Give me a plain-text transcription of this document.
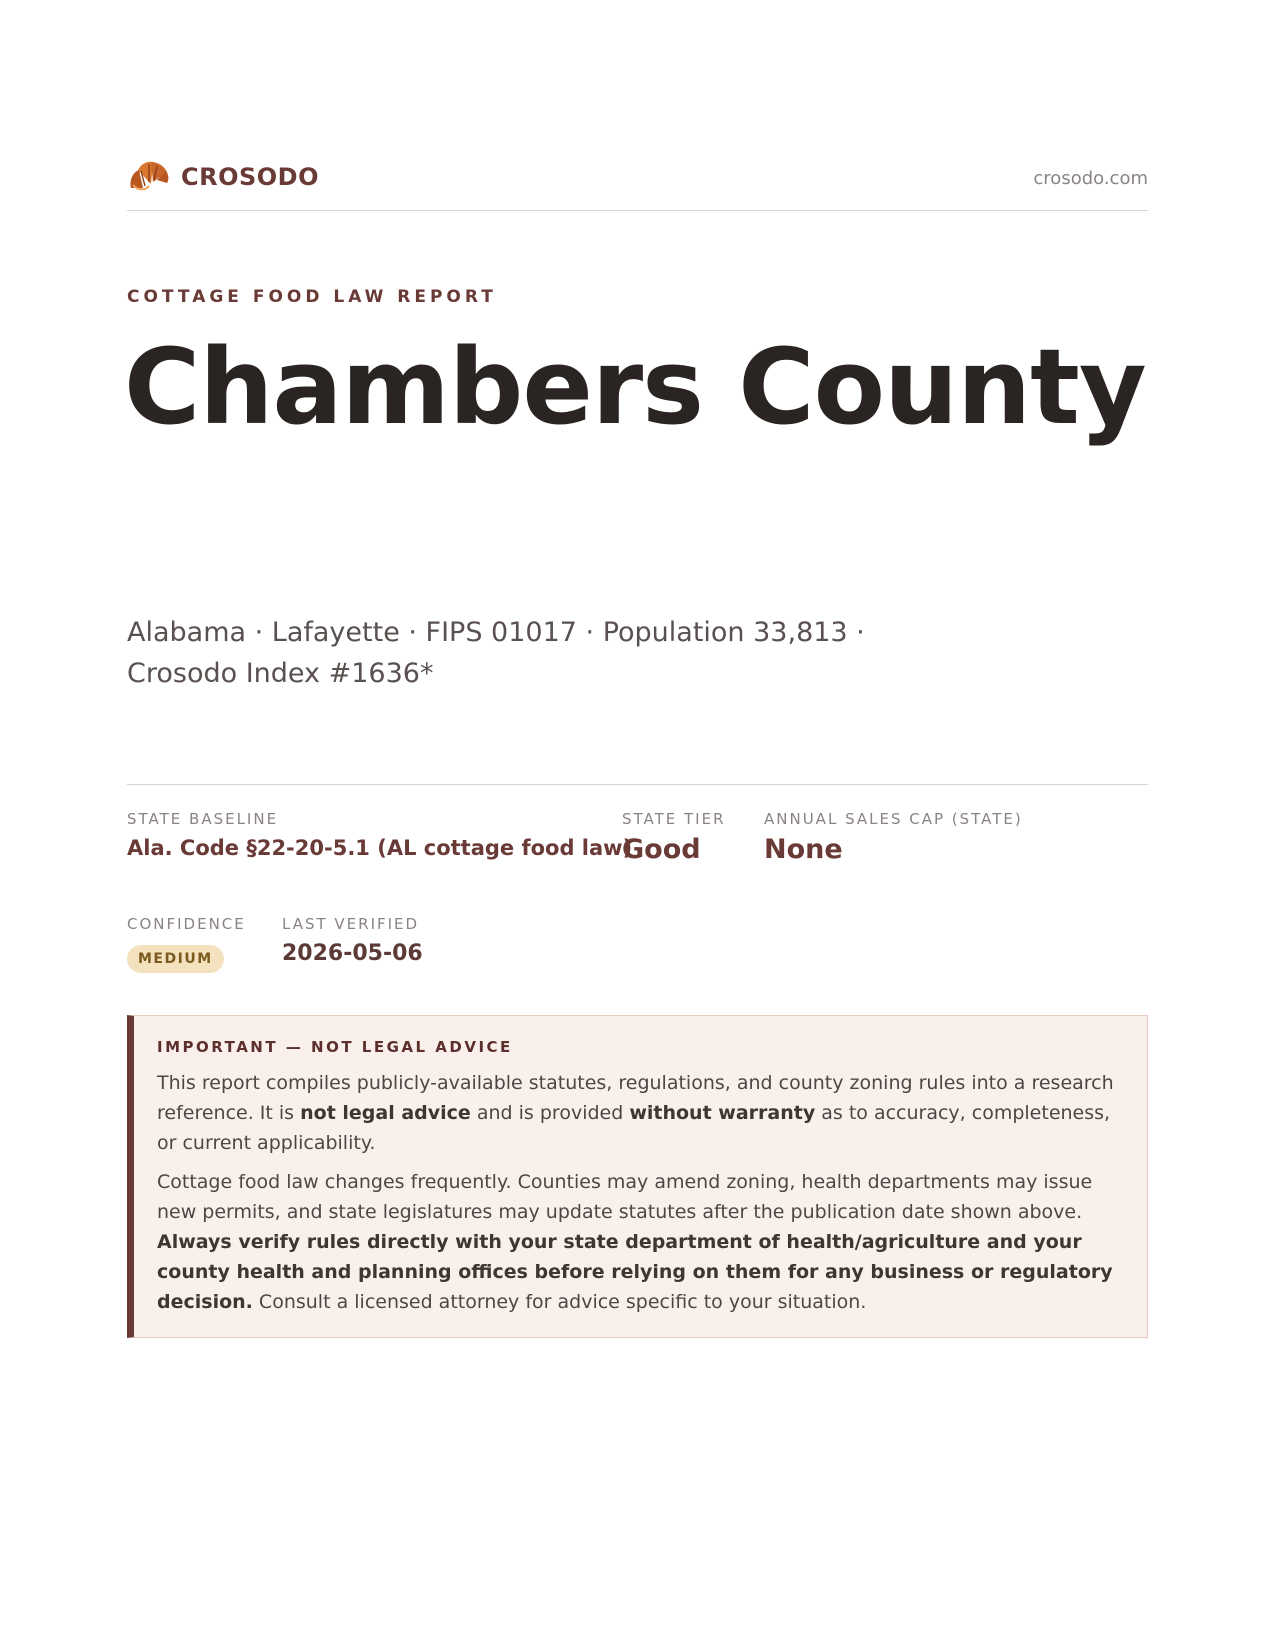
CROSODO	crosodo.com
COTTAGE FOOD LAW REPORT
Chambers County
Alabama · Lafayette · FIPS 01017 · Population 33,813 · Crosodo Index #1636*
STATE BASELINE
Ala. Code §22-20-5.1 (AL cottage food law)
STATE TIER
Good
ANNUAL SALES CAP (STATE)
None
CONFIDENCE
MEDIUM
LAST VERIFIED
2026-05-06
IMPORTANT — NOT LEGAL ADVICE

This report compiles publicly-available statutes, regulations, and county zoning rules into a research reference. It is not legal advice and is provided without warranty as to accuracy, completeness, or current applicability.

Cottage food law changes frequently. Counties may amend zoning, health departments may issue new permits, and state legislatures may update statutes after the publication date shown above. Always verify rules directly with your state department of health/agriculture and your county health and planning offices before relying on them for any business or regulatory decision. Consult a licensed attorney for advice specific to your situation.
